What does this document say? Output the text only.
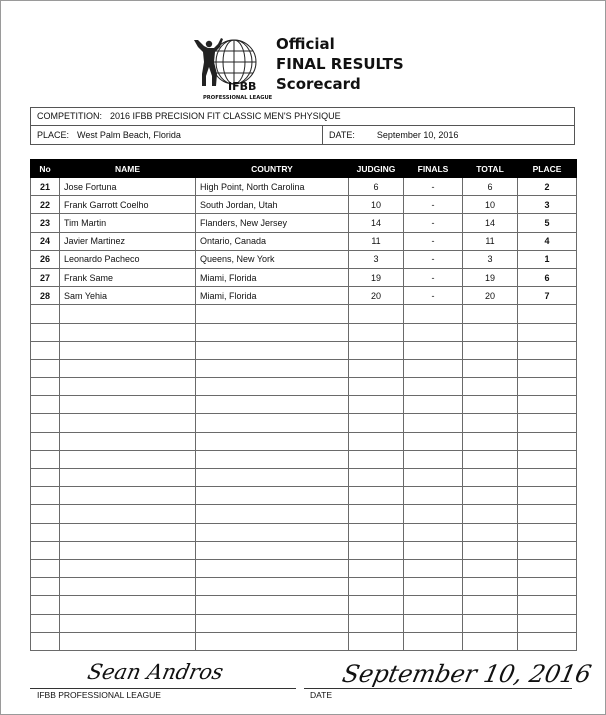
IFBB
PROFESSIONAL LEAGUE
Official
FINAL RESULTS
Scorecard
COMPETITION: 2016 IFBB PRECISION FIT CLASSIC MEN'S PHYSIQUE
PLACE: West Palm Beach, Florida	DATE: September 10, 2016
No	NAME	COUNTRY	JUDGING	FINALS	TOTAL	PLACE
21	Jose Fortuna	High Point, North Carolina	6	-	6	2
22	Frank Garrott Coelho	South Jordan, Utah	10	-	10	3
23	Tim Martin	Flanders, New Jersey	14	-	14	5
24	Javier Martinez	Ontario, Canada	11	-	11	4
26	Leonardo Pacheco	Queens, New York	3	-	3	1
27	Frank Same	Miami, Florida	19	-	19	6
28	Sam Yehia	Miami, Florida	20	-	20	7

Sean Andros
IFBB PROFESSIONAL LEAGUE
September 10, 2016
DATE
